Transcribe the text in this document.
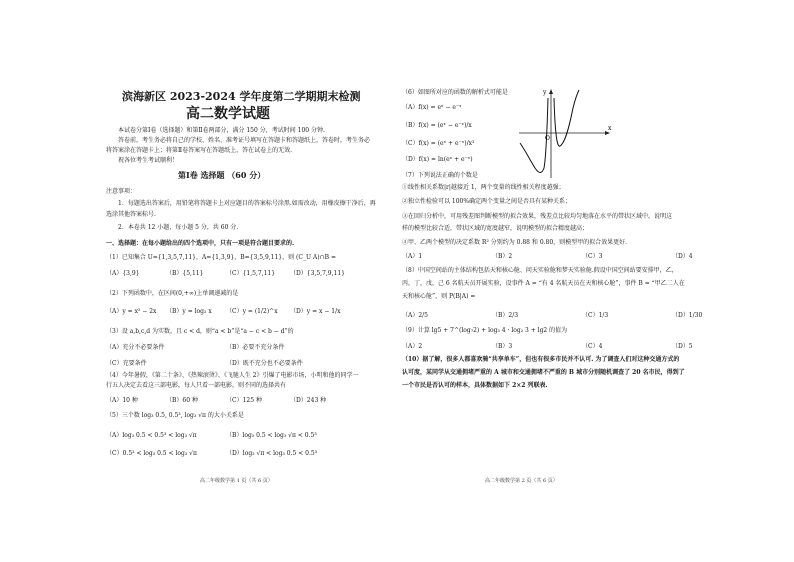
滨海新区 2023-2024 学年度第二学期期末检测
高二数学试题
本试卷分第Ⅰ卷（选择题）和第Ⅱ卷两部分，满分 150 分，考试时间 100 分钟.
答卷前，考生务必将自己的学校、姓名、准考证号填写在答题卡和答题纸上，答卷时，考生务必
将答案涂在答题卡上；将第Ⅱ卷答案写在答题纸上，答在试卷上的无效.
祝各位考生考试顺利！
第Ⅰ卷 选择题 （60 分）
注意事项：
1．每题选出答案后，用铅笔将答题卡上对应题目的答案标号涂黑.如需改动，用橡皮擦干净后，再
选涂其他答案标号.
2．本卷共 12 小题，每小题 5 分，共 60 分.
一、选择题：在每小题给出的四个选项中，只有一项是符合题目要求的.
（1）已知集合 U={1,3,5,7,11}，A={1,3,9}，B={3,5,9,11}，则 (C_U A)∩B =
（A）{3,9}	（B）{5,11}	（C）{1,5,7,11} （D）{3,5,7,9,11}
（2）下列函数中，在区间(0,+∞)上单调递减的是
（A）y = x² − 2x （B）y = log₂ x （C）y = (1/2)^x （D）y = x − 1/x
（3）设 a,b,c,d 为实数，且 c < d，则“a < b”是“a − c < b − d”的
（A）充分不必要条件	（B）必要不充分条件
（C）充要条件	（D）既不充分也不必要条件
（4）今年暑假，《第二十条》、《热辣滚烫》、《飞驰人生 2》引爆了电影市场，小明和他的同学一
行五人决定去看这三部电影，每人只看一部电影，则不同的选择共有
（A）10 种	（B）60 种	（C）125 种	（D）243 种
（5）三个数 log₃ 0.5, 0.5³, log₃ √π 的大小关系是
（A）log₃ 0.5 < 0.5³ < log₃ √π	（B）log₃ 0.5 < log₃ √π < 0.5³
（C）0.5³ < log₃ 0.5 < log₃ √π	（D）log₃ √π < log₃ 0.5 < 0.5³
高二年级数学第 1 页（共 6 页）
（6）如图所对应的函数的解析式可能是
（A）f(x) = eˣ − e⁻ˣ
（B）f(x) = (eˣ − e⁻ˣ)/x
（C）f(x) = (eˣ + e⁻ˣ)/x³
（D）f(x) = ln(eˣ + e⁻ˣ)
y
x
O
（7）下列说法正确的个数是
①线性相关系数|r|越接近 1，两个变量的线性相关程度越强；
②独立性检验可以 100%确定两个变量之间是否具有某种关系；
③在回归分析中，可用残差图判断模型的拟合效果，残差点比较均匀地落在水平的带状区域中，说明这
样的模型比较合适，带状区域的宽度越窄，说明模型的拟合精度越高；
④甲、乙两个模型的决定系数 R² 分别约为 0.88 和 0.80，则模型甲的拟合效果更好.
（A）1	（B）2	（C）3	（D）4
（8）中国空间站的主体结构包括天和核心舱、问天实验舱和梦天实验舱.假设中国空间站要安排甲，乙，
丙，丁，戊，己 6 名航天员开展实验，设事件 A = “有 4 名航天员在天和核心舱”，事件 B = “甲乙二人在
天和核心舱”，则 P(B|A) =
（A）2/5	（B）2/3	（C）1/3	（D）1/30
（9）计算 lg5 + 7^(log₇2) + log₃ 4 · log₂ 3 + lg2 的值为
（A）2	（B）3	（C）4	（D）5
（10）据了解，很多人都喜欢骑“共享单车”，但也有很多市民并不认可. 为了调查人们对这种交通方式的
认可度，某同学从交通拥堵严重的 A 城市和交通拥堵不严重的 B 城市分别随机调查了 20 名市民，得到了
一个市民是否认可的样本，具体数据如下 2×2 列联表.
高二年级数学第 2 页（共 6 页）
